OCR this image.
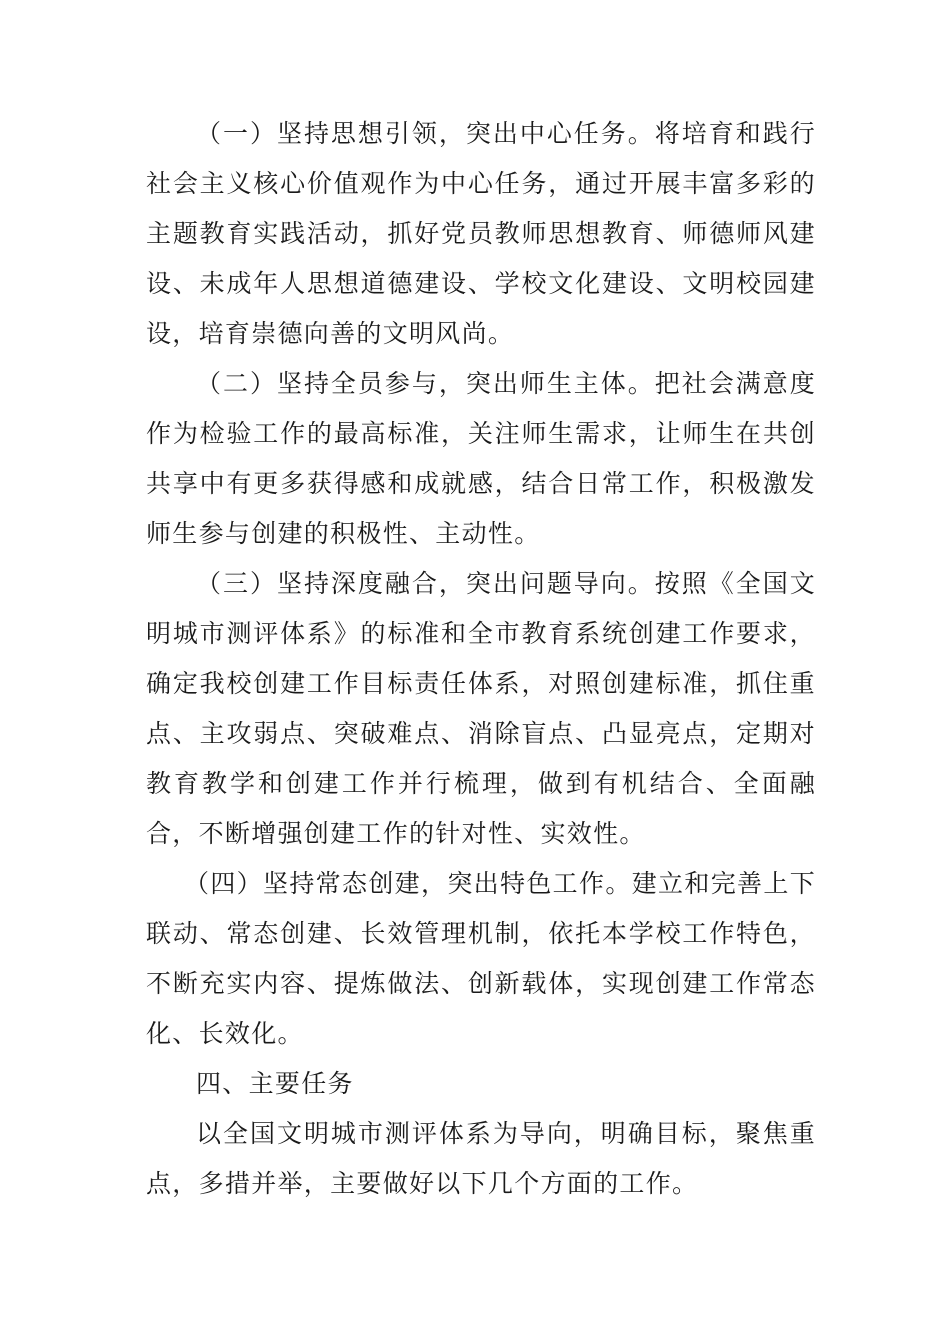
（一）坚持思想引领，突出中心任务。将培育和践行社会主义核心价值观作为中心任务，通过开展丰富多彩的主题教育实践活动，抓好党员教师思想教育、师德师风建设、未成年人思想道德建设、学校文化建设、文明校园建设，培育崇德向善的文明风尚。

（二）坚持全员参与，突出师生主体。把社会满意度作为检验工作的最高标准，关注师生需求，让师生在共创共享中有更多获得感和成就感，结合日常工作，积极激发师生参与创建的积极性、主动性。

（三）坚持深度融合，突出问题导向。按照《全国文明城市测评体系》的标准和全市教育系统创建工作要求，确定我校创建工作目标责任体系，对照创建标准，抓住重点、主攻弱点、突破难点、消除盲点、凸显亮点，定期对教育教学和创建工作并行梳理，做到有机结合、全面融合，不断增强创建工作的针对性、实效性。

（四）坚持常态创建，突出特色工作。建立和完善上下联动、常态创建、长效管理机制，依托本学校工作特色，不断充实内容、提炼做法、创新载体，实现创建工作常态化、长效化。

四、主要任务

以全国文明城市测评体系为导向，明确目标，聚焦重点，多措并举，主要做好以下几个方面的工作。
